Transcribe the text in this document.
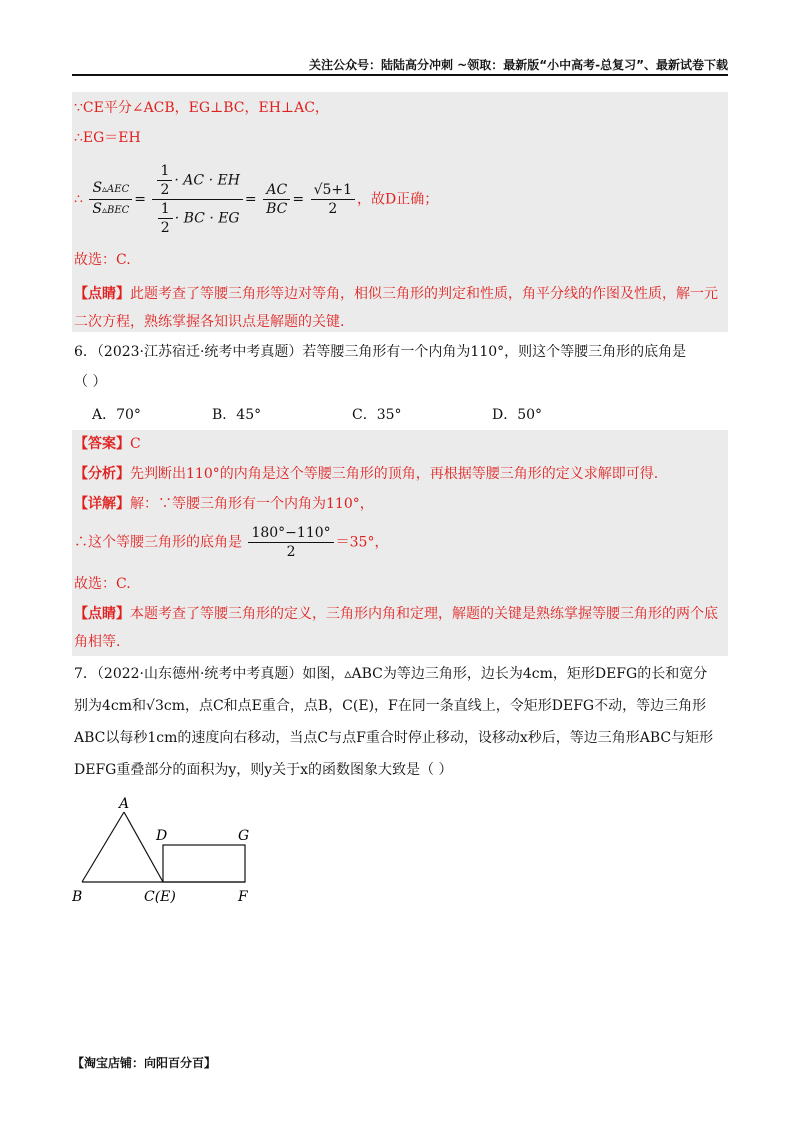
关注公众号：陆陆高分冲刺 ~领取：最新版“小中高考-总复习”、最新试卷下载
∵CE平分∠ACB，EG⊥BC，EH⊥AC，
∴EG＝EH
∴ $\frac{\text{S▵AEC}}{\text{S▵BEC}} = \frac{\frac{1}{2} \cdot AC \cdot EH}{\frac{1}{2} \cdot BC \cdot EG} = \frac{AC}{BC} = \frac{√5+1}{2}$ ，故D正确；
故选：C.
【点睛】此题考查了等腰三角形等边对等角，相似三角形的判定和性质，角平分线的作图及性质，解一元
二次方程，熟练掌握各知识点是解题的关键.
6．（2023·江苏宿迁·统考中考真题）若等腰三角形有一个内角为110°，则这个等腰三角形的底角是
（ ）
A．70°	B．45°	C．35°	D．50°
【答案】C
【分析】先判断出110°的内角是这个等腰三角形的顶角，再根据等腰三角形的定义求解即可得.
【详解】解：∵等腰三角形有一个内角为110°，
∴这个等腰三角形的底角是 $\frac{180^\circ-110^\circ}{2} =35^\circ$，
故选：C.
【点睛】本题考查了等腰三角形的定义，三角形内角和定理，解题的关键是熟练掌握等腰三角形的两个底
角相等.
7．（2022·山东德州·统考中考真题）如图，▵ABC为等边三角形，边长为4cm，矩形DEFG的长和宽分
别为4cm和√3cm，点C和点E重合，点B，C(E)，F在同一条直线上，令矩形DEFG不动，等边三角形
ABC以每秒1cm的速度向右移动，当点C与点F重合时停止移动，设移动x秒后，等边三角形ABC与矩形
DEFG重叠部分的面积为y，则y关于x的函数图象大致是（ ）
A
B	C(E)
D	G
F
【淘宝店铺：向阳百分百】
